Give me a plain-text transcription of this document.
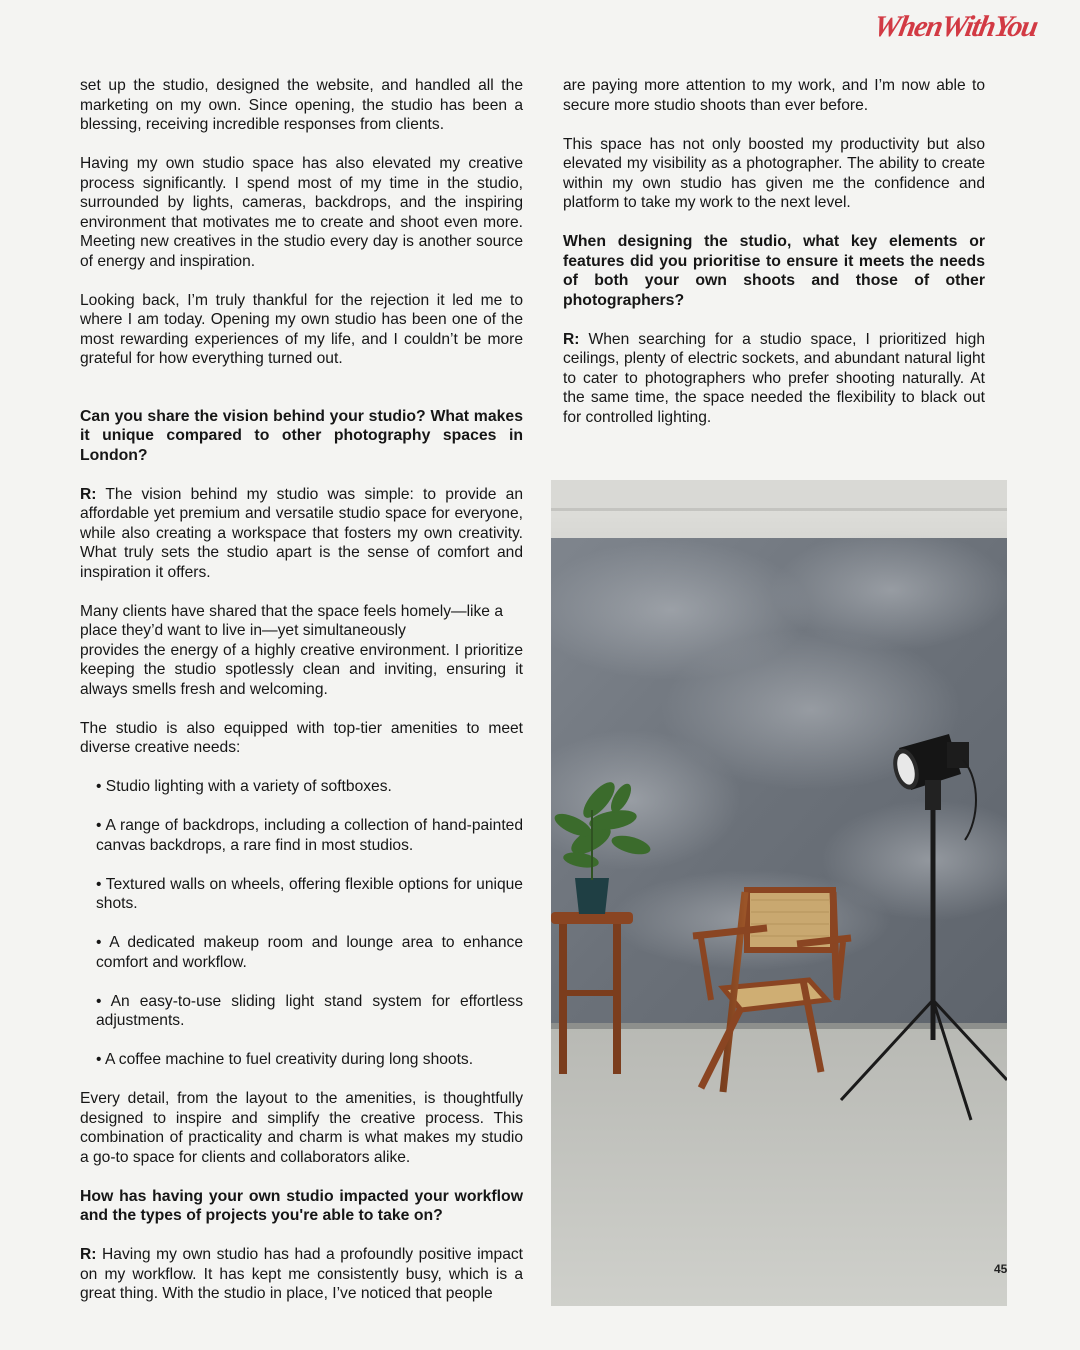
WhenWithYou

set up the studio, designed the website, and handled all the marketing on my own. Since opening, the studio has been a blessing, receiving incredible responses from clients.

Having my own studio space has also elevated my creative process significantly. I spend most of my time in the studio, surrounded by lights, cameras, backdrops, and the inspiring environment that motivates me to create and shoot even more. Meeting new creatives in the studio every day is another source of energy and inspiration.

Looking back, I’m truly thankful for the rejection it led me to where I am today. Opening my own studio has been one of the most rewarding experiences of my life, and I couldn’t be more grateful for how everything turned out.

Can you share the vision behind your studio? What makes it unique compared to other photography spaces in London?

R: The vision behind my studio was simple: to provide an affordable yet premium and versatile studio space for everyone, while also creating a workspace that fosters my own creativity. What truly sets the studio apart is the sense of comfort and inspiration it offers.

Many clients have shared that the space feels homely—like a place they’d want to live in—yet simultaneously
provides the energy of a highly creative environment. I prioritize keeping the studio spotlessly clean and inviting, ensuring it always smells fresh and welcoming.

The studio is also equipped with top-tier amenities to meet diverse creative needs:

• Studio lighting with a variety of softboxes.
• A range of backdrops, including a collection of hand-painted canvas backdrops, a rare find in most studios.
• Textured walls on wheels, offering flexible options for unique shots.
• A dedicated makeup room and lounge area to enhance comfort and workflow.
• An easy-to-use sliding light stand system for effortless adjustments.
• A coffee machine to fuel creativity during long shoots.

Every detail, from the layout to the amenities, is thoughtfully designed to inspire and simplify the creative process. This combination of practicality and charm is what makes my studio a go-to space for clients and collaborators alike.

How has having your own studio impacted your workflow and the types of projects you're able to take on?

R: Having my own studio has had a profoundly positive impact on my workflow. It has kept me consistently busy, which is a great thing. With the studio in place, I’ve noticed that people

are paying more attention to my work, and I’m now able to secure more studio shoots than ever before.

This space has not only boosted my productivity but also elevated my visibility as a photographer. The ability to create within my own studio has given me the confidence and platform to take my work to the next level.

When designing the studio, what key elements or features did you prioritise to ensure it meets the needs of both your own shoots and those of other photographers?

R: When searching for a studio space, I prioritized high ceilings, plenty of electric sockets, and abundant natural light to cater to photographers who prefer shooting naturally. At the same time, the space needed the flexibility to black out for controlled lighting.

45
